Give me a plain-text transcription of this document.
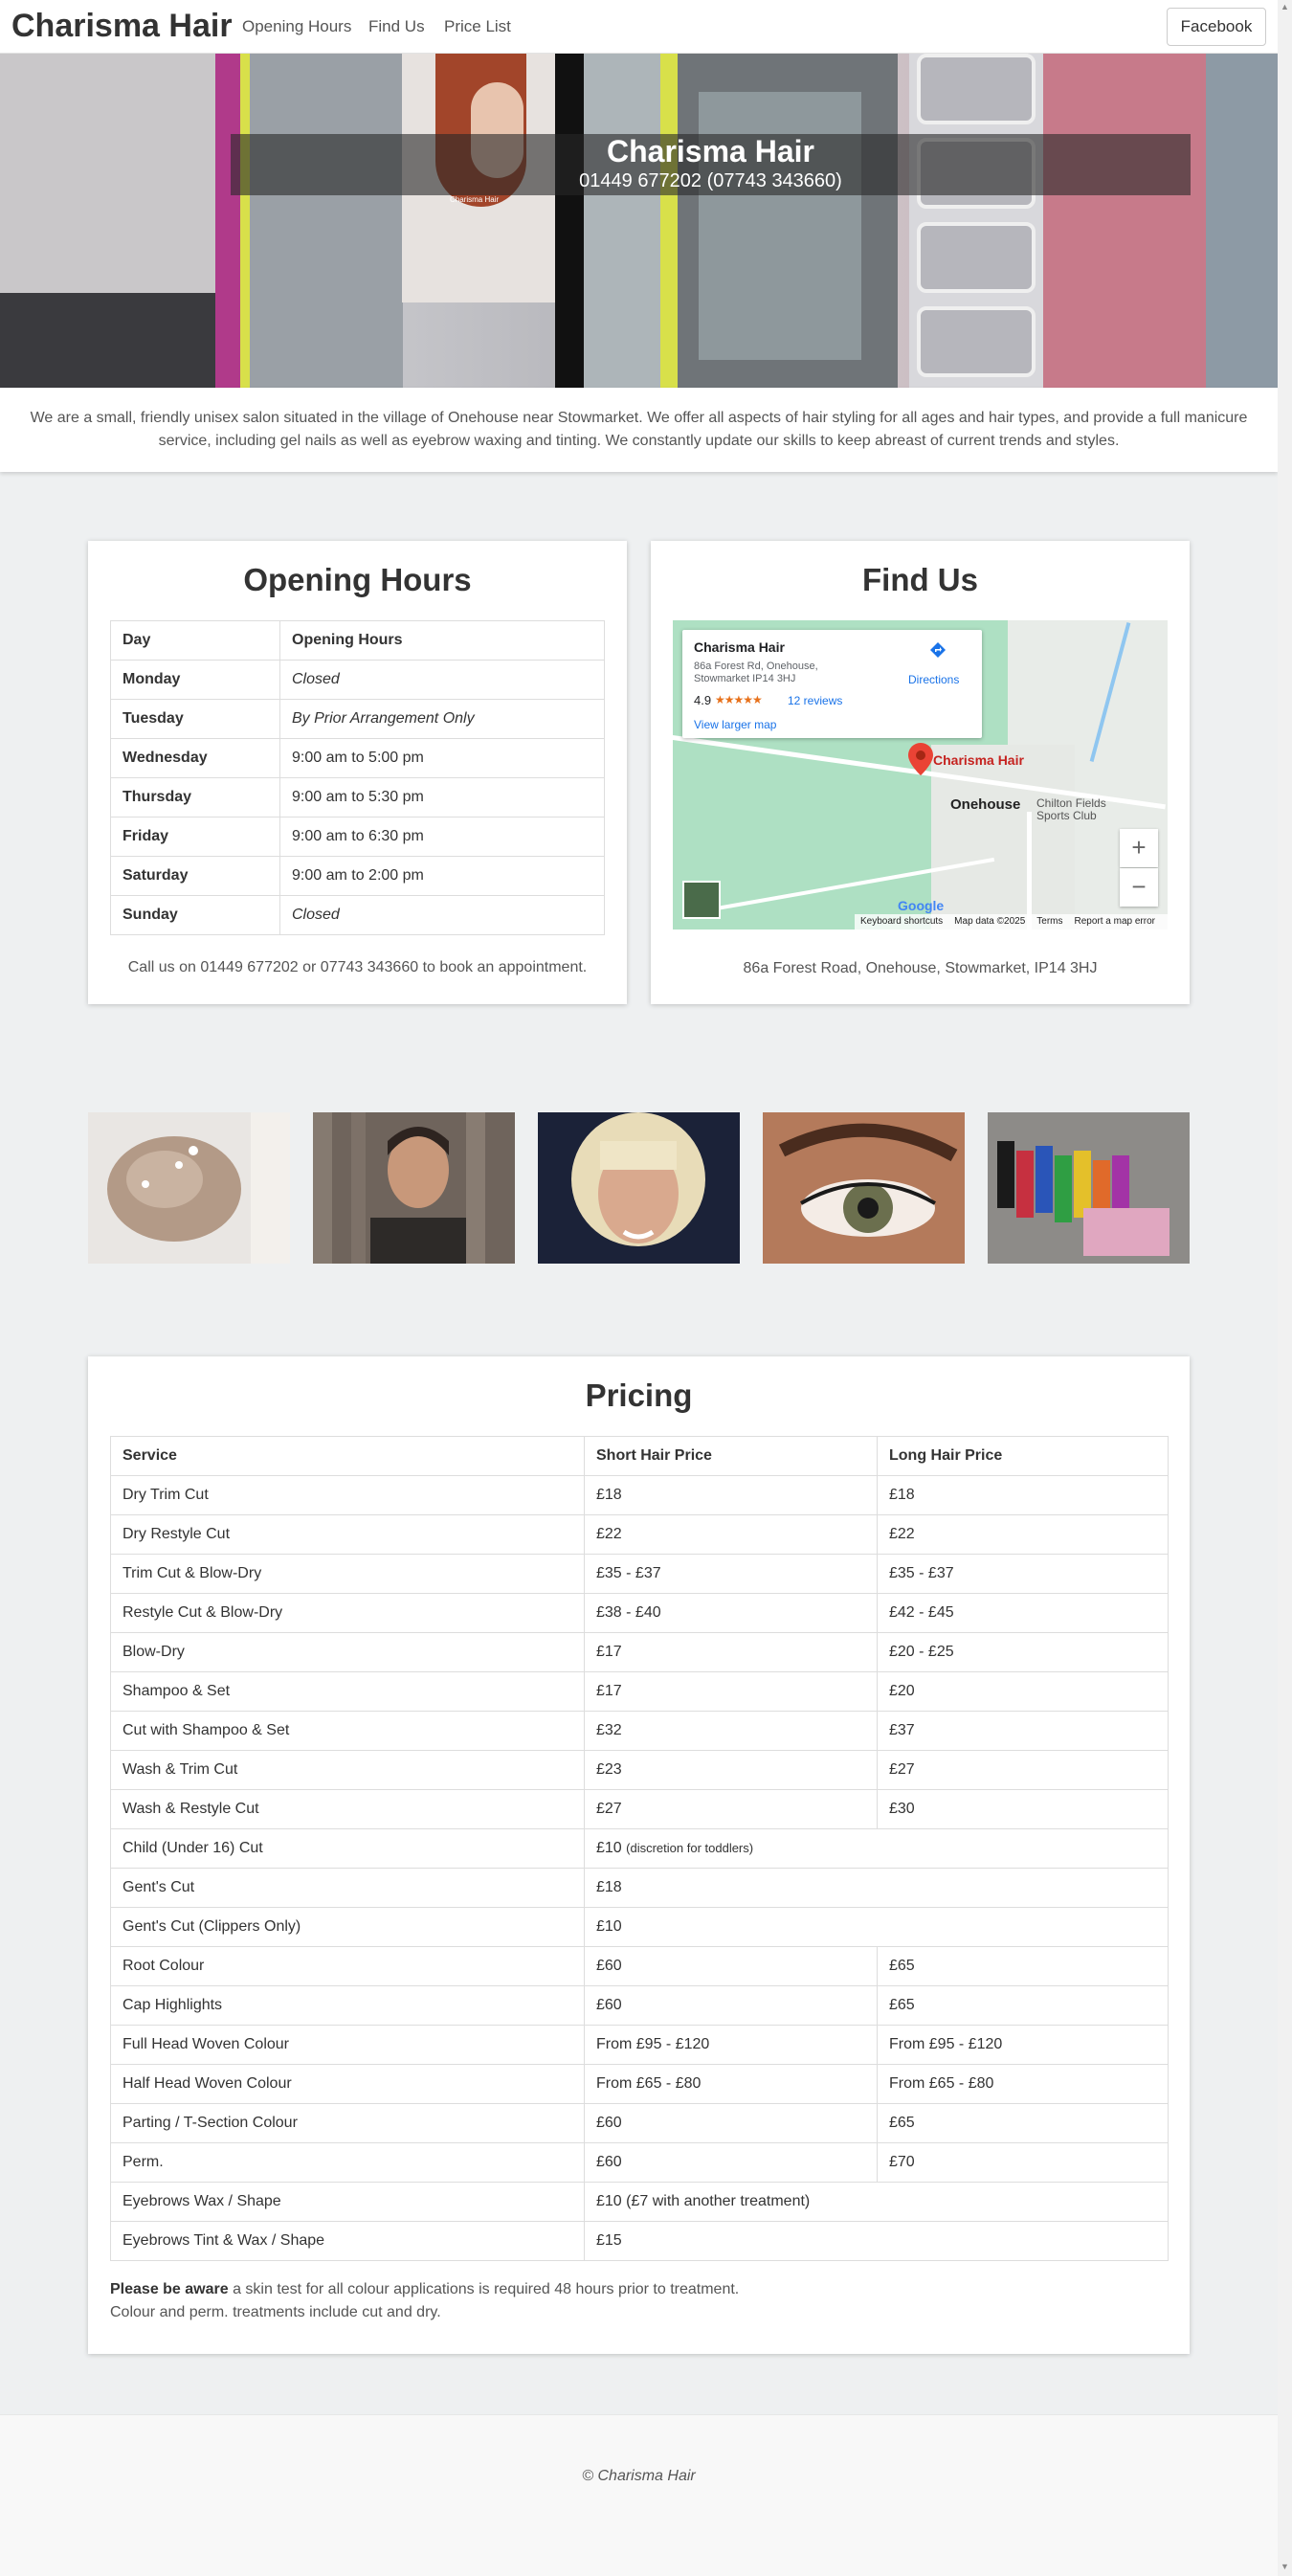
Charisma Hair Opening Hours Find Us Price List	Facebook
Charisma Hair
01449 677202 (07743 343660)
Charisma Hair
We are a small, friendly unisex salon situated in the village of Onehouse near Stowmarket. We offer all aspects of hair styling for all ages and hair types, and provide a full manicure service, including gel nails as well as eyebrow waxing and tinting. We constantly update our skills to keep abreast of current trends and styles.
Opening Hours
Day	Opening Hours
Monday	Closed
Tuesday	By Prior Arrangement Only
Wednesday	9:00 am to 5:00 pm
Thursday	9:00 am to 5:30 pm
Friday	9:00 am to 6:30 pm
Saturday	9:00 am to 2:00 pm
Sunday	Closed
Call us on 01449 677202 or 07743 343660 to book an appointment.
Find Us
Charisma Hair
86a Forest Rd, Onehouse, Stowmarket IP14 3HJ
4.9 ★★★★★ 12 reviews
View larger map
Directions
Charisma Hair
Onehouse Chilton Fields Sports Club
+
−
Google
Keyboard shortcuts Map data ©2025 Terms Report a map error
86a Forest Road, Onehouse, Stowmarket, IP14 3HJ
Pricing
Service	Short Hair Price	Long Hair Price
Dry Trim Cut	£18	£18
Dry Restyle Cut	£22	£22
Trim Cut & Blow-Dry	£35 - £37	£35 - £37
Restyle Cut & Blow-Dry	£38 - £40	£42 - £45
Blow-Dry	£17	£20 - £25
Shampoo & Set	£17	£20
Cut with Shampoo & Set	£32	£37
Wash & Trim Cut	£23	£27
Wash & Restyle Cut	£27	£30
Child (Under 16) Cut	£10 (discretion for toddlers)	
Gent's Cut	£18	
Gent's Cut (Clippers Only)	£10	
Root Colour	£60	£65
Cap Highlights	£60	£65
Full Head Woven Colour	From £95 - £120	From £95 - £120
Half Head Woven Colour	From £65 - £80	From £65 - £80
Parting / T-Section Colour	£60	£65
Perm.	£60	£70
Eyebrows Wax / Shape	£10 (£7 with another treatment)	
Eyebrows Tint & Wax / Shape	£15	
Please be aware a skin test for all colour applications is required 48 hours prior to treatment.
Colour and perm. treatments include cut and dry.
© Charisma Hair
▲
▼
